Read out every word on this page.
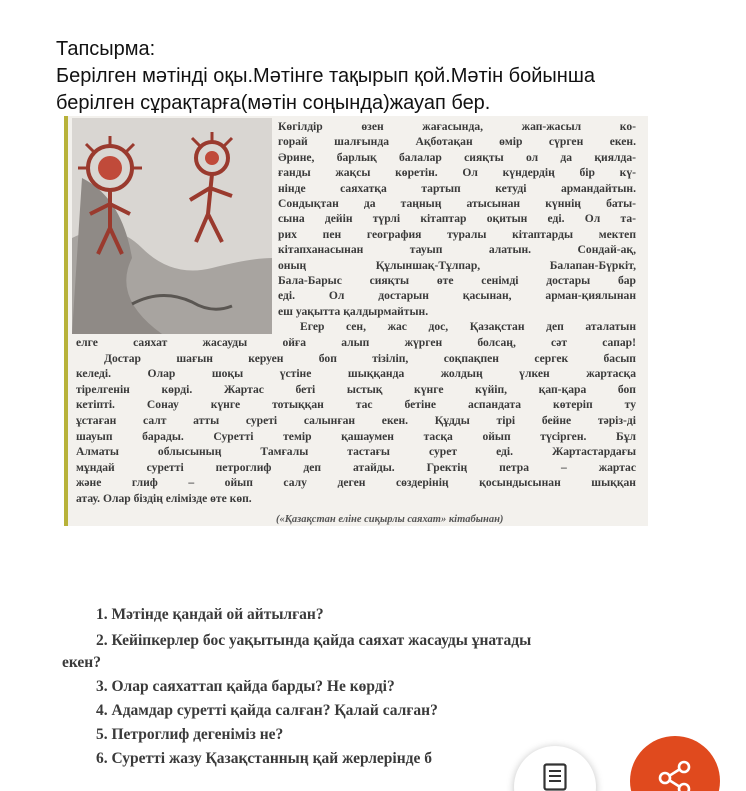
Тапсырма:
Берілген мәтінді оқы.Мәтінге тақырып қой.Мәтін бойынша
берілген сұрақтарға(мәтін соңында)жауап бер.
Көгілдір өзен жағасында, жап-жасыл ко-
горай шалғында Ақботақан өмір сүрген екен.
Әрине, барлық балалар сияқты ол да қиялда-
ғанды жақсы көретін. Ол күндердің бір кү-
нінде саяхатқа тартып кетуді армандайтын.
Сондықтан да таңның атысынан күннің баты-
сына дейін түрлі кітаптар оқитын еді. Ол та-
рих пен география туралы кітаптарды мектеп
кітапханасынан тауып алатын. Сондай-ақ,
оның Құлыншақ-Тұлпар, Балапан-Бүркіт,
Бала-Барыс сияқты өте сенімді достары бар
еді. Ол достарын қасынан, арман-қиялынан
еш уақытта қалдырмайтын.
Егер сен, жас дос, Қазақстан деп аталатын
елге саяхат жасауды ойға алып жүрген болсаң, сәт сапар!
Достар шағын керуен боп тізіліп, соқпақпен сергек басып
келеді. Олар шоқы үстіне шыққанда жолдың үлкен жартасқа
тірелгенін көрді. Жартас беті ыстық күнге күйіп, қап-қара боп
кетіпті. Сонау күнге тотыққан тас бетіне аспандата көтеріп ту
ұстаған салт атты суреті салынған екен. Құдды тірі бейне тәріз-ді
шауып барады. Суретті темір қашаумен тасқа ойып түсірген. Бұл
Алматы облысының Тамғалы тастағы сурет еді. Жартастардағы
мұндай суретті петроглиф деп атайды. Гректің петра – жартас
және глиф – ойып салу деген сөздерінің қосындысынан шыққан
атау. Олар біздің елімізде өте көп.
(«Қазақстан еліне сиқырлы саяхат» кітабынан)
1. Мәтінде қандай ой айтылған?
2. Кейіпкерлер бос уақытында қайда саяхат жасауды ұнатады
екен?
3. Олар саяхаттап қайда барды? Не көрді?
4. Адамдар суретті қайда салған? Қалай салған?
5. Петроглиф дегеніміз не?
6. Суретті жазу Қазақстанның қай жерлерінде б
